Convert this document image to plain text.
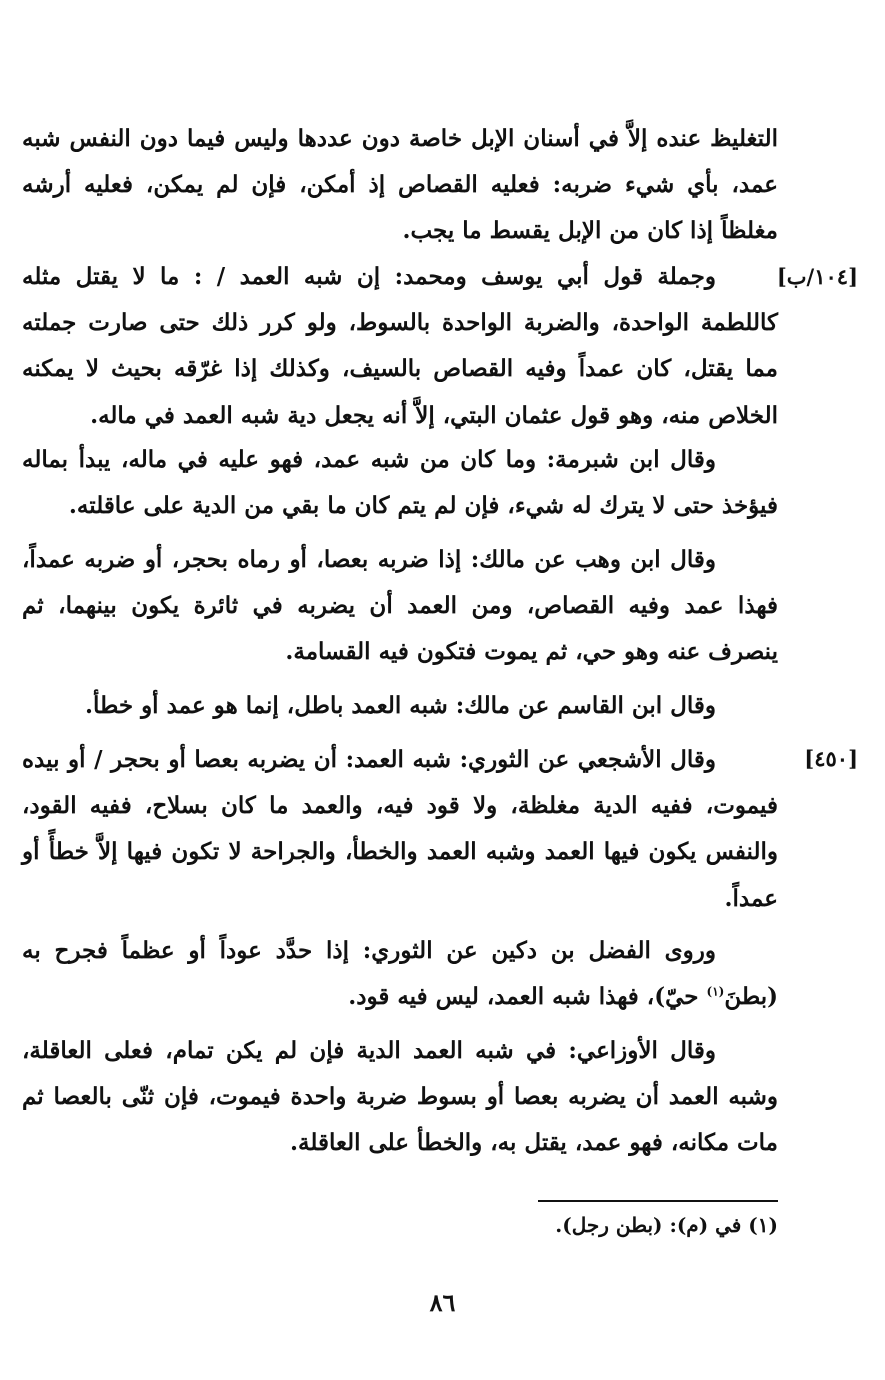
التغليظ عنده إلاَّ في أسنان الإبل خاصة دون عددها وليس فيما دون النفس شبه عمد، بأي شيء ضربه: فعليه القصاص إذ أمكن، فإن لم يمكن، فعليه أرشه مغلظاً إذا كان من الإبل يقسط ما يجب.
[١٠٤/ب]
وجملة قول أبي يوسف ومحمد: إن شبه العمد / : ما لا يقتل مثله كاللطمة الواحدة، والضربة الواحدة بالسوط، ولو كرر ذلك حتى صارت جملته مما يقتل، كان عمداً وفيه القصاص بالسيف، وكذلك إذا غرّقه بحيث لا يمكنه الخلاص منه، وهو قول عثمان البتي، إلاَّ أنه يجعل دية شبه العمد في ماله.
وقال ابن شبرمة: وما كان من شبه عمد، فهو عليه في ماله، يبدأ بماله فيؤخذ حتى لا يترك له شيء، فإن لم يتم كان ما بقي من الدية على عاقلته.
وقال ابن وهب عن مالك: إذا ضربه بعصا، أو رماه بحجر، أو ضربه عمداً، فهذا عمد وفيه القصاص، ومن العمد أن يضربه في ثائرة يكون بينهما، ثم ينصرف عنه وهو حي، ثم يموت فتكون فيه القسامة.
وقال ابن القاسم عن مالك: شبه العمد باطل، إنما هو عمد أو خطأ.
[٤٥٠]
وقال الأشجعي عن الثوري: شبه العمد: أن يضربه بعصا أو بحجر / أو بيده فيموت، ففيه الدية مغلظة، ولا قود فيه، والعمد ما كان بسلاح، ففيه القود، والنفس يكون فيها العمد وشبه العمد والخطأ، والجراحة لا تكون فيها إلاَّ خطأً أو عمداً.
وروى الفضل بن دكين عن الثوري: إذا حدَّد عوداً أو عظماً فجرح به (بطنَ$^{(١)}$ حيّ)، فهذا شبه العمد، ليس فيه قود.
وقال الأوزاعي: في شبه العمد الدية فإن لم يكن تمام، فعلى العاقلة، وشبه العمد أن يضربه بعصا أو بسوط ضربة واحدة فيموت، فإن ثنّى بالعصا ثم مات مكانه، فهو عمد، يقتل به، والخطأ على العاقلة.
(١) في (م): (بطن رجل).
٨٦
